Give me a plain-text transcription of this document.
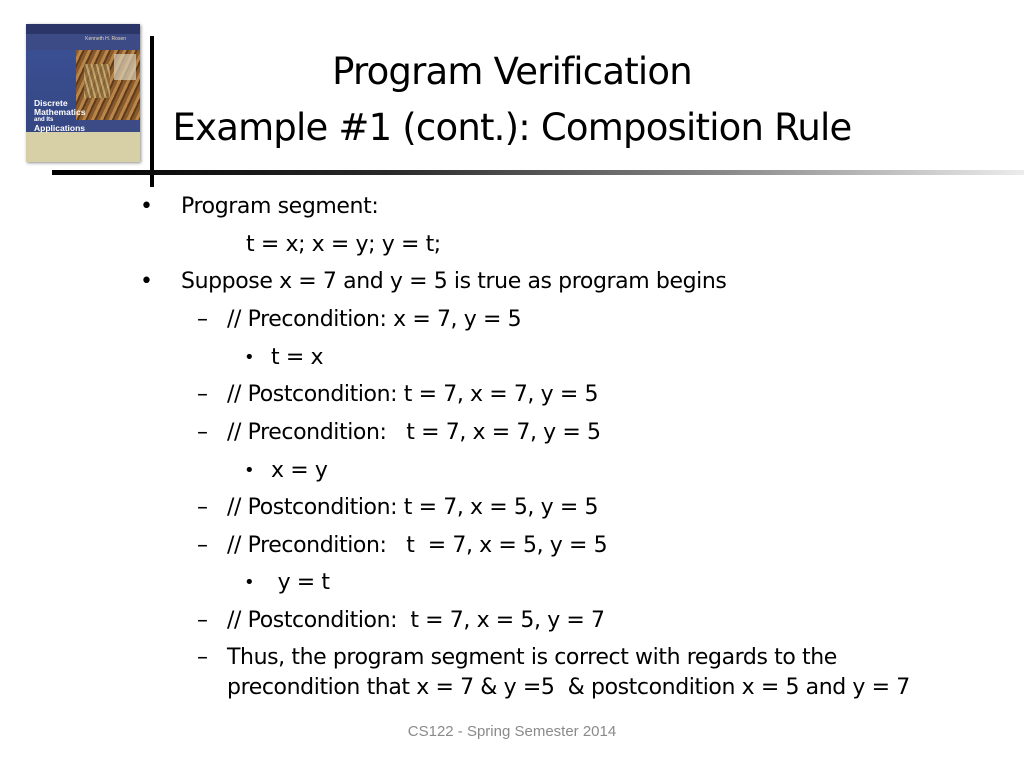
Kenneth H. Rosen
Discrete
Mathematics

and Its
Applications
Program Verification
Example #1 (cont.): Composition Rule
• Program segment:
t = x; x = y; y = t;
• Suppose x = 7 and y = 5 is true as program begins
– // Precondition: x = 7, y = 5
• t = x
– // Postcondition: t = 7, x = 7, y = 5
– // Precondition:   t = 7, x = 7, y = 5
• x = y
– // Postcondition: t = 7, x = 5, y = 5
– // Precondition:   t  = 7, x = 5, y = 5
• y = t
– // Postcondition:  t = 7, x = 5, y = 7
– Thus, the program segment is correct with regards to the
precondition that x = 7 & y =5  & postcondition x = 5 and y = 7
CS122 - Spring Semester 2014
